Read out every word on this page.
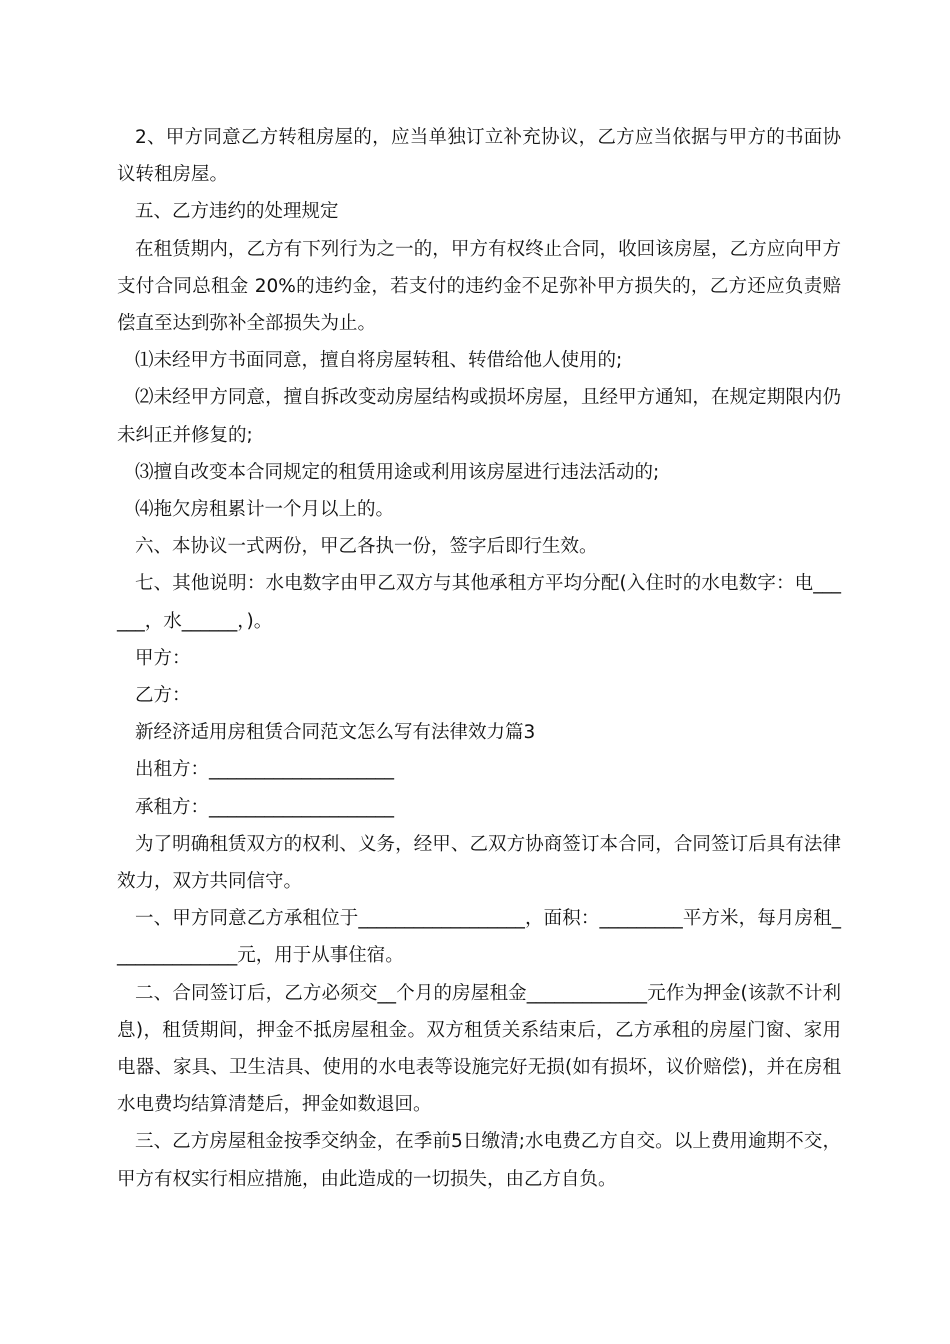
2、甲方同意乙方转租房屋的，应当单独订立补充协议，乙方应当依据与甲方的书面协议转租房屋。

五、乙方违约的处理规定

在租赁期内，乙方有下列行为之一的，甲方有权终止合同，收回该房屋，乙方应向甲方支付合同总租金 20%的违约金，若支付的违约金不足弥补甲方损失的，乙方还应负责赔偿直至达到弥补全部损失为止。

⑴未经甲方书面同意，擅自将房屋转租、转借给他人使用的;

⑵未经甲方同意，擅自拆改变动房屋结构或损坏房屋，且经甲方通知，在规定期限内仍未纠正并修复的;

⑶擅自改变本合同规定的租赁用途或利用该房屋进行违法活动的;

⑷拖欠房租累计一个月以上的。

六、本协议一式两份，甲乙各执一份，签字后即行生效。

七、其他说明：水电数字由甲乙双方与其他承租方平均分配(入住时的水电数字：电______，水______，)。

甲方：

乙方：

新经济适用房租赁合同范文怎么写有法律效力篇3

出租方：____________________

承租方：____________________

为了明确租赁双方的权利、义务，经甲、乙双方协商签订本合同，合同签订后具有法律效力，双方共同信守。

一、甲方同意乙方承租位于__________________，面积：_________平方米，每月房租______________元，用于从事住宿。

二、合同签订后，乙方必须交__个月的房屋租金_____________元作为押金(该款不计利息)，租赁期间，押金不抵房屋租金。双方租赁关系结束后，乙方承租的房屋门窗、家用电器、家具、卫生洁具、使用的水电表等设施完好无损(如有损坏，议价赔偿)，并在房租水电费均结算清楚后，押金如数退回。

三、乙方房屋租金按季交纳金，在季前5日缴清;水电费乙方自交。以上费用逾期不交，甲方有权实行相应措施，由此造成的一切损失，由乙方自负。
